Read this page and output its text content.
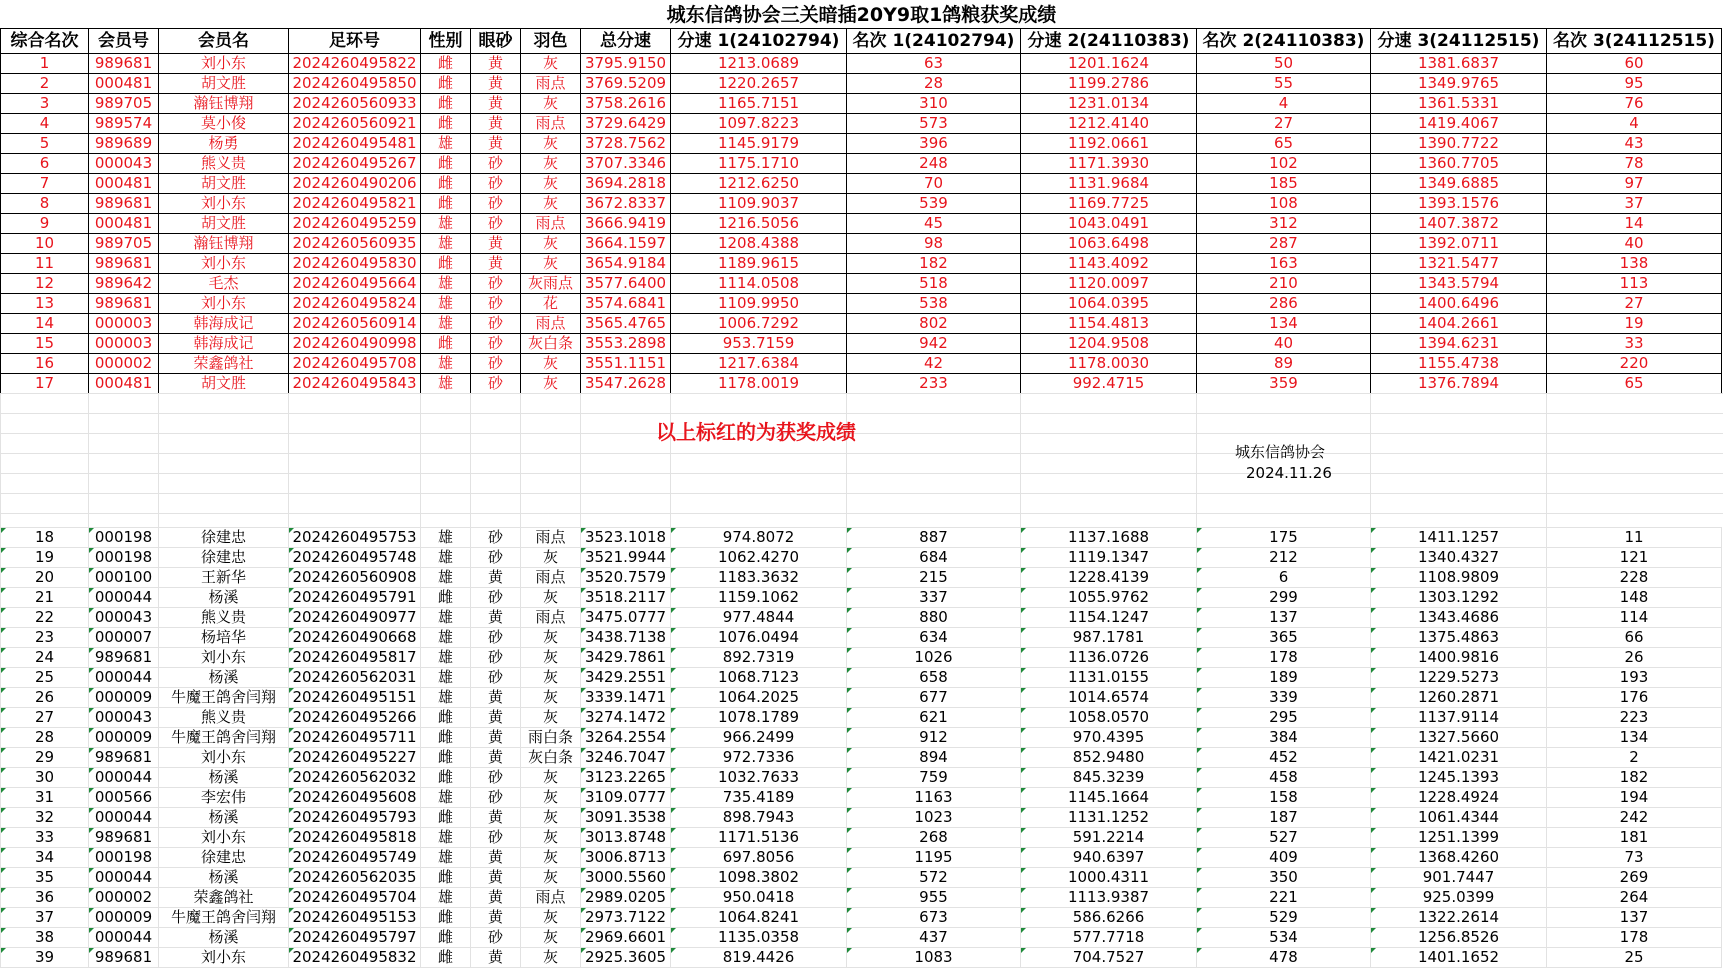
城东信鸽协会三关暗插20Y9取1鸽粮获奖成绩
综合名次	会员号	会员名	足环号	性别	眼砂	羽色	总分速	分速 1(24102794)	名次 1(24102794)	分速 2(24110383)	名次 2(24110383)	分速 3(24112515)	名次 3(24112515)
1	989681	刘小东	2024260495822	雌	黄	灰	3795.9150	1213.0689	63	1201.1624	50	1381.6837	60
2	000481	胡文胜	2024260495850	雌	黄	雨点	3769.5209	1220.2657	28	1199.2786	55	1349.9765	95
3	989705	瀚钰博翔	2024260560933	雌	黄	灰	3758.2616	1165.7151	310	1231.0134	4	1361.5331	76
4	989574	莫小俊	2024260560921	雌	黄	雨点	3729.6429	1097.8223	573	1212.4140	27	1419.4067	4
5	989689	杨勇	2024260495481	雄	黄	灰	3728.7562	1145.9179	396	1192.0661	65	1390.7722	43
6	000043	熊义贵	2024260495267	雌	砂	灰	3707.3346	1175.1710	248	1171.3930	102	1360.7705	78
7	000481	胡文胜	2024260490206	雌	砂	灰	3694.2818	1212.6250	70	1131.9684	185	1349.6885	97
8	989681	刘小东	2024260495821	雌	砂	灰	3672.8337	1109.9037	539	1169.7725	108	1393.1576	37
9	000481	胡文胜	2024260495259	雄	砂	雨点	3666.9419	1216.5056	45	1043.0491	312	1407.3872	14
10	989705	瀚钰博翔	2024260560935	雄	黄	灰	3664.1597	1208.4388	98	1063.6498	287	1392.0711	40
11	989681	刘小东	2024260495830	雌	黄	灰	3654.9184	1189.9615	182	1143.4092	163	1321.5477	138
12	989642	毛杰	2024260495664	雄	砂	灰雨点	3577.6400	1114.0508	518	1120.0097	210	1343.5794	113
13	989681	刘小东	2024260495824	雄	砂	花	3574.6841	1109.9950	538	1064.0395	286	1400.6496	27
14	000003	韩海成记	2024260560914	雄	砂	雨点	3565.4765	1006.7292	802	1154.4813	134	1404.2661	19
15	000003	韩海成记	2024260490998	雌	砂	灰白条	3553.2898	953.7159	942	1204.9508	40	1394.6231	33
16	000002	荣鑫鸽社	2024260495708	雄	砂	灰	3551.1151	1217.6384	42	1178.0030	89	1155.4738	220
17	000481	胡文胜	2024260495843	雄	砂	灰	3547.2628	1178.0019	233	992.4715	359	1376.7894	65
以上标红的为获奖成绩
城东信鸽协会
2024.11.26
18	000198	徐建忠	2024260495753	雄	砂	雨点	3523.1018	974.8072	887	1137.1688	175	1411.1257	11
19	000198	徐建忠	2024260495748	雄	砂	灰	3521.9944	1062.4270	684	1119.1347	212	1340.4327	121
20	000100	王新华	2024260560908	雄	黄	雨点	3520.7579	1183.3632	215	1228.4139	6	1108.9809	228
21	000044	杨溪	2024260495791	雌	砂	灰	3518.2117	1159.1062	337	1055.9762	299	1303.1292	148
22	000043	熊义贵	2024260490977	雄	黄	雨点	3475.0777	977.4844	880	1154.1247	137	1343.4686	114
23	000007	杨培华	2024260490668	雄	砂	灰	3438.7138	1076.0494	634	987.1781	365	1375.4863	66
24	989681	刘小东	2024260495817	雄	砂	灰	3429.7861	892.7319	1026	1136.0726	178	1400.9816	26
25	000044	杨溪	2024260562031	雄	砂	灰	3429.2551	1068.7123	658	1131.0155	189	1229.5273	193
26	000009	牛魔王鸽舍闫翔	2024260495151	雄	黄	灰	3339.1471	1064.2025	677	1014.6574	339	1260.2871	176
27	000043	熊义贵	2024260495266	雌	黄	灰	3274.1472	1078.1789	621	1058.0570	295	1137.9114	223
28	000009	牛魔王鸽舍闫翔	2024260495711	雌	黄	雨白条	3264.2554	966.2499	912	970.4395	384	1327.5660	134
29	989681	刘小东	2024260495227	雌	黄	灰白条	3246.7047	972.7336	894	852.9480	452	1421.0231	2
30	000044	杨溪	2024260562032	雌	砂	灰	3123.2265	1032.7633	759	845.3239	458	1245.1393	182
31	000566	李宏伟	2024260495608	雄	砂	灰	3109.0777	735.4189	1163	1145.1664	158	1228.4924	194
32	000044	杨溪	2024260495793	雌	黄	灰	3091.3538	898.7943	1023	1131.1252	187	1061.4344	242
33	989681	刘小东	2024260495818	雄	砂	灰	3013.8748	1171.5136	268	591.2214	527	1251.1399	181
34	000198	徐建忠	2024260495749	雄	黄	灰	3006.8713	697.8056	1195	940.6397	409	1368.4260	73
35	000044	杨溪	2024260562035	雌	黄	灰	3000.5560	1098.3802	572	1000.4311	350	901.7447	269
36	000002	荣鑫鸽社	2024260495704	雄	黄	雨点	2989.0205	950.0418	955	1113.9387	221	925.0399	264
37	000009	牛魔王鸽舍闫翔	2024260495153	雌	黄	灰	2973.7122	1064.8241	673	586.6266	529	1322.2614	137
38	000044	杨溪	2024260495797	雌	砂	灰	2969.6601	1135.0358	437	577.7718	534	1256.8526	178
39	989681	刘小东	2024260495832	雌	黄	灰	2925.3605	819.4426	1083	704.7527	478	1401.1652	25
